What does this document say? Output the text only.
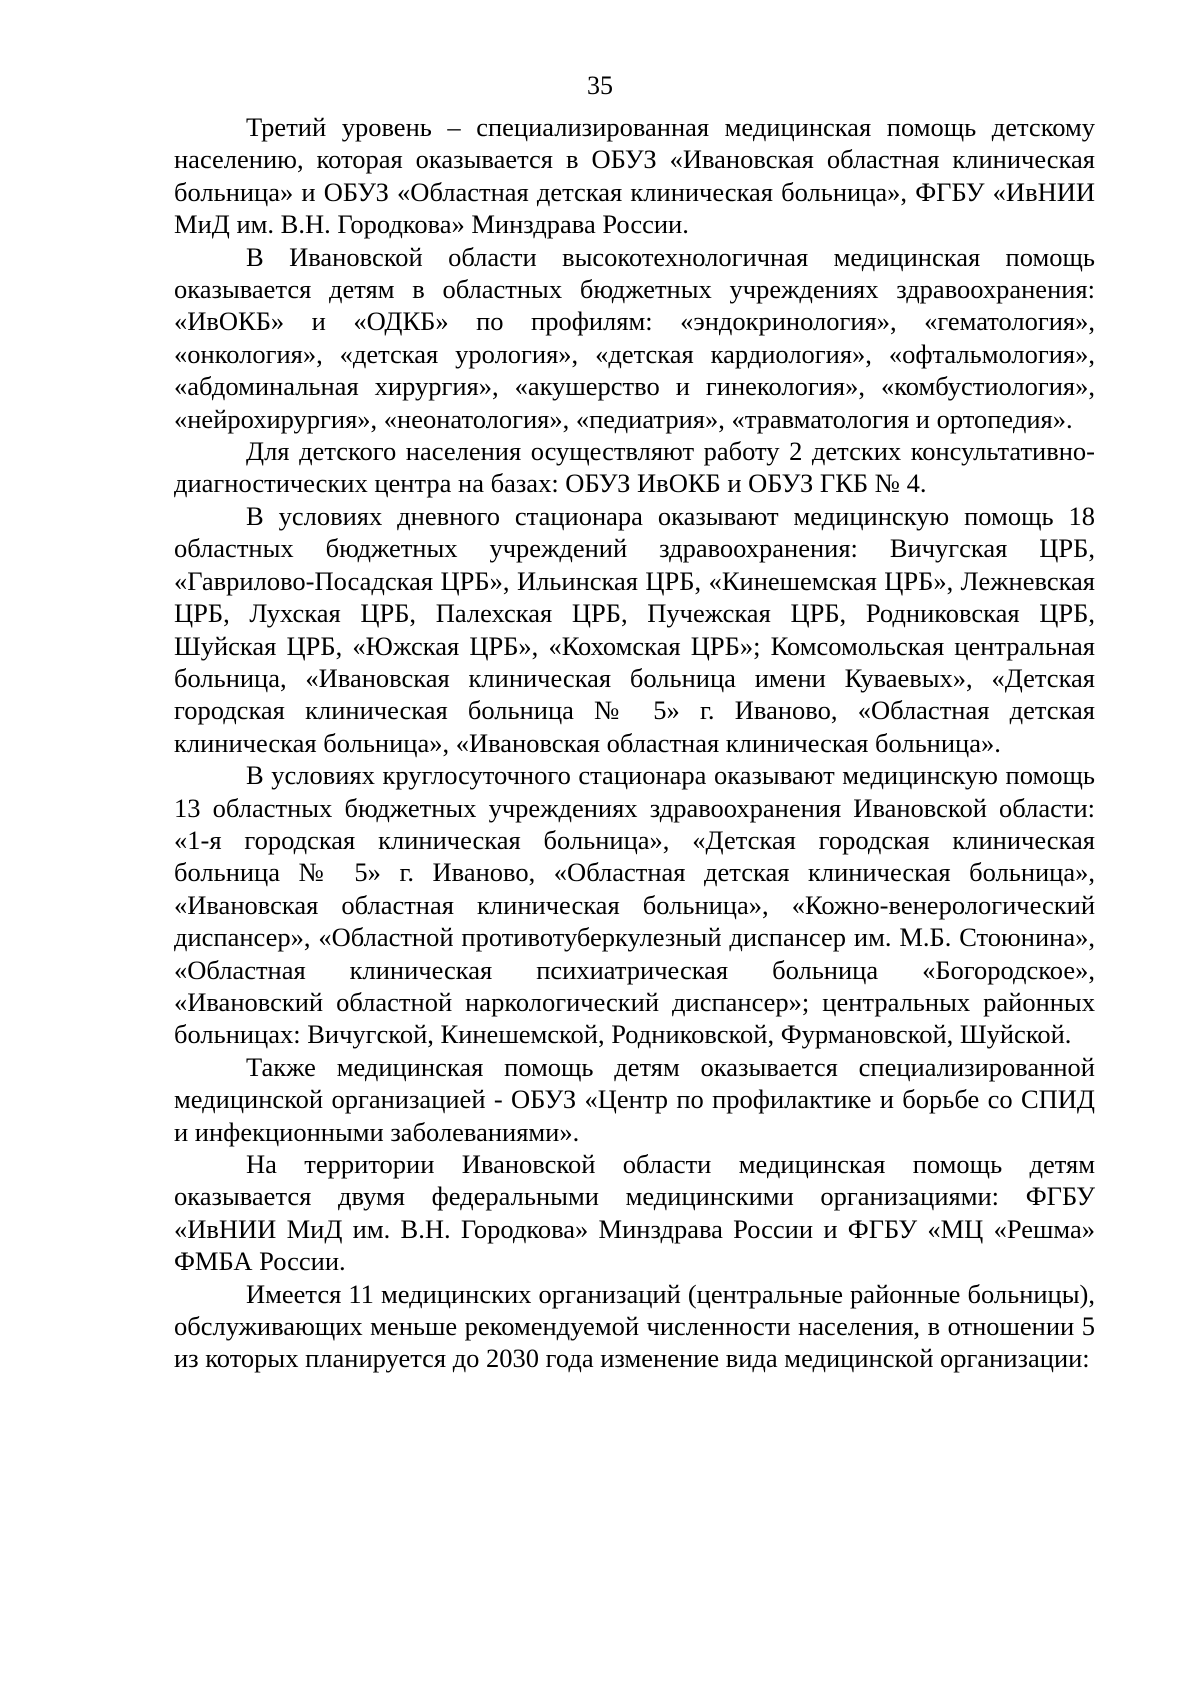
35

Третий уровень – специализированная медицинская помощь детскому населению, которая оказывается в ОБУЗ «Ивановская областная клиническая больница» и ОБУЗ «Областная детская клиническая больница», ФГБУ «ИвНИИ МиД им. В.Н. Городкова» Минздрава России.

В Ивановской области высокотехнологичная медицинская помощь оказывается детям в областных бюджетных учреждениях здравоохранения: «ИвОКБ» и «ОДКБ» по профилям: «эндокринология», «гематология», «онкология», «детская урология», «детская кардиология», «офтальмология», «абдоминальная хирургия», «акушерство и гинекология», «комбустиология», «нейрохирургия», «неонатология», «педиатрия», «травматология и ортопедия».

Для детского населения осуществляют работу 2 детских консультативно-диагностических центра на базах: ОБУЗ ИвОКБ и ОБУЗ ГКБ № 4.

В условиях дневного стационара оказывают медицинскую помощь 18 областных бюджетных учреждений здравоохранения: Вичугская ЦРБ, «Гаврилово-Посадская ЦРБ», Ильинская ЦРБ, «Кинешемская ЦРБ», Лежневская ЦРБ, Лухская ЦРБ, Палехская ЦРБ, Пучежская ЦРБ, Родниковская ЦРБ, Шуйская ЦРБ, «Южская ЦРБ», «Кохомская ЦРБ»; Комсомольская центральная больница, «Ивановская клиническая больница имени Куваевых», «Детская городская клиническая больница № 5» г. Иваново, «Областная детская клиническая больница», «Ивановская областная клиническая больница».

В условиях круглосуточного стационара оказывают медицинскую помощь 13 областных бюджетных учреждениях здравоохранения Ивановской области: «1-я городская клиническая больница», «Детская городская клиническая больница № 5» г. Иваново, «Областная детская клиническая больница», «Ивановская областная клиническая больница», «Кожно-венерологический диспансер», «Областной противотуберкулезный диспансер им. М.Б. Стоюнина», «Областная клиническая психиатрическая больница «Богородское», «Ивановский областной наркологический диспансер»; центральных районных больницах: Вичугской, Кинешемской, Родниковской, Фурмановской, Шуйской.

Также медицинская помощь детям оказывается специализированной медицинской организацией - ОБУЗ «Центр по профилактике и борьбе со СПИД и инфекционными заболеваниями».

На территории Ивановской области медицинская помощь детям оказывается двумя федеральными медицинскими организациями: ФГБУ «ИвНИИ МиД им. В.Н. Городкова» Минздрава России и ФГБУ «МЦ «Решма» ФМБА России.

Имеется 11 медицинских организаций (центральные районные больницы), обслуживающих меньше рекомендуемой численности населения, в отношении 5 из которых планируется до 2030 года изменение вида медицинской организации:
